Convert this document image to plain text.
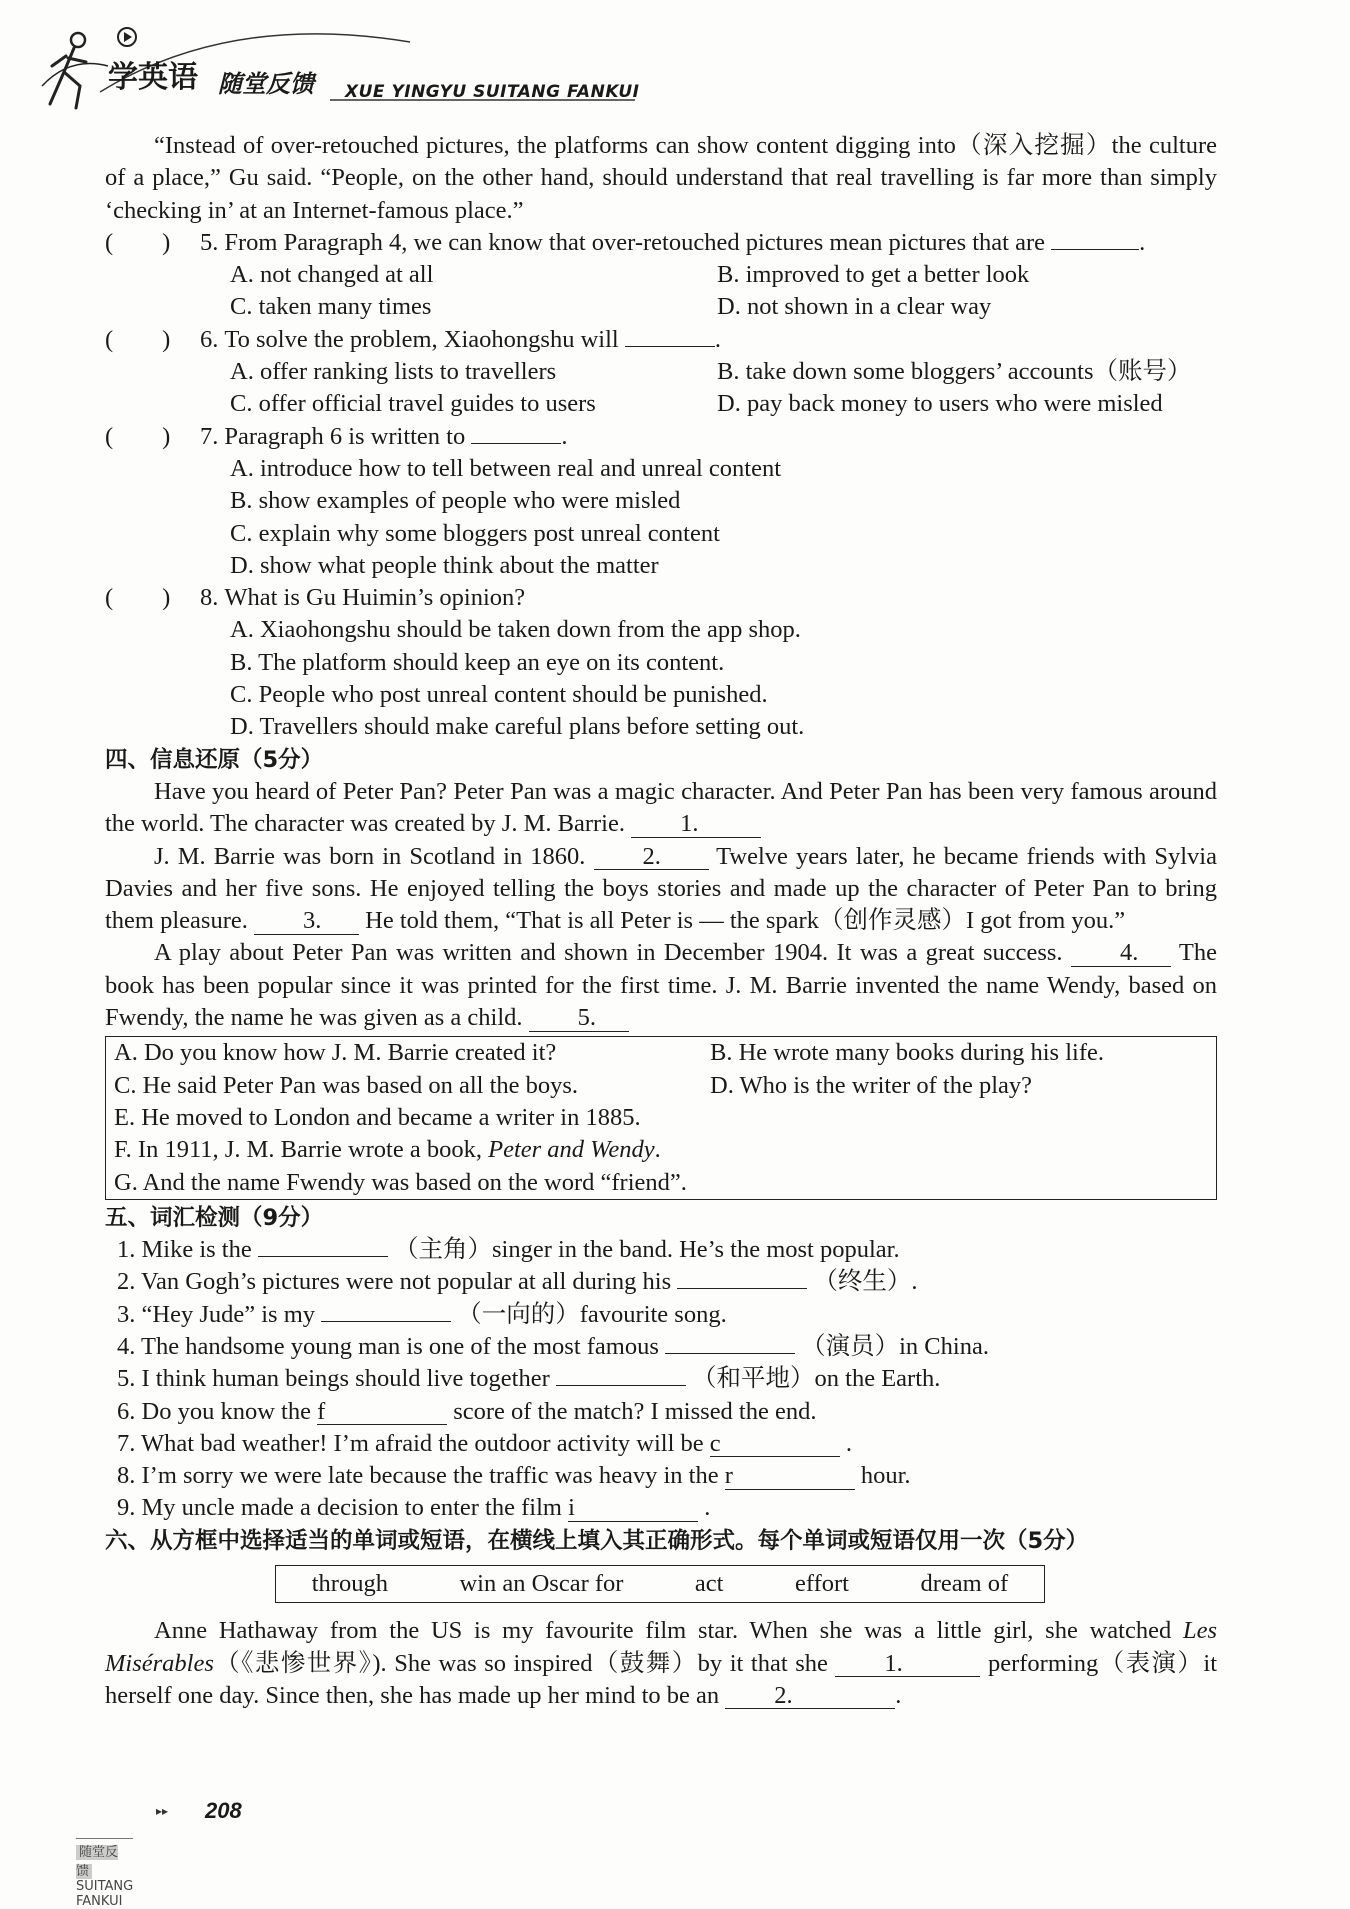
学英语 随堂反馈 XUE YINGYU SUITANG FANKUI

“Instead of over-retouched pictures, the platforms can show content digging into（深入挖掘）the culture of a place,” Gu said. “People, on the other hand, should understand that real travelling is far more than simply ‘checking in’ at an Internet-famous place.”

(　　) 5. From Paragraph 4, we can know that over-retouched pictures mean pictures that are	.

A. not changed at all	B. improved to get a better look
C. taken many times	D. not shown in a clear way

(　　) 6. To solve the problem, Xiaohongshu will	.

A. offer ranking lists to travellers	B. take down some bloggers’ accounts（账号）
C. offer official travel guides to users	D. pay back money to users who were misled

(　　) 7. Paragraph 6 is written to	.

A. introduce how to tell between real and unreal content
B. show examples of people who were misled
C. explain why some bloggers post unreal content
D. show what people think about the matter

(　　) 8. What is Gu Huimin’s opinion?

A. Xiaohongshu should be taken down from the app shop.
B. The platform should keep an eye on its content.
C. People who post unreal content should be punished.
D. Travellers should make careful plans before setting out.

四、信息还原（5分）

Have you heard of Peter Pan? Peter Pan was a magic character. And Peter Pan has been very famous around the world. The character was created by J. M. Barrie. 1.

J. M. Barrie was born in Scotland in 1860. 2. Twelve years later, he became friends with Sylvia Davies and her five sons. He enjoyed telling the boys stories and made up the character of Peter Pan to bring them pleasure. 3. He told them, “That is all Peter is — the spark（创作灵感）I got from you.”

A play about Peter Pan was written and shown in December 1904. It was a great success. 4. The book has been popular since it was printed for the first time. J. M. Barrie invented the name Wendy, based on Fwendy, the name he was given as a child. 5.

A. Do you know how J. M. Barrie created it?	B. He wrote many books during his life.
C. He said Peter Pan was based on all the boys.	D. Who is the writer of the play?
E. He moved to London and became a writer in 1885.
F. In 1911, J. M. Barrie wrote a book, Peter and Wendy.
G. And the name Fwendy was based on the word “friend”.

五、词汇检测（9分）

1. Mike is the	（主角）singer in the band. He’s the most popular.

2. Van Gogh’s pictures were not popular at all during his	（终生）.

3. “Hey Jude” is my	（一向的）favourite song.

4. The handsome young man is one of the most famous	（演员）in China.

5. I think human beings should live together	（和平地）on the Earth.

6. Do you know the f	score of the match? I missed the end.

7. What bad weather! I’m afraid the outdoor activity will be c	.

8. I’m sorry we were late because the traffic was heavy in the r	hour.

9. My uncle made a decision to enter the film i	.

六、从方框中选择适当的单词或短语，在横线上填入其正确形式。每个单词或短语仅用一次（5分）

through	win an Oscar for	act	effort	dream of

Anne Hathaway from the US is my favourite film star. When she was a little girl, she watched Les Misérables（《悲惨世界》). She was so inspired（鼓舞）by it that she 1.	performing（表演）it herself one day. Since then, she has made up her mind to be an 2.	.

▸▸ 208
随堂反馈SUITANG FANKUI
